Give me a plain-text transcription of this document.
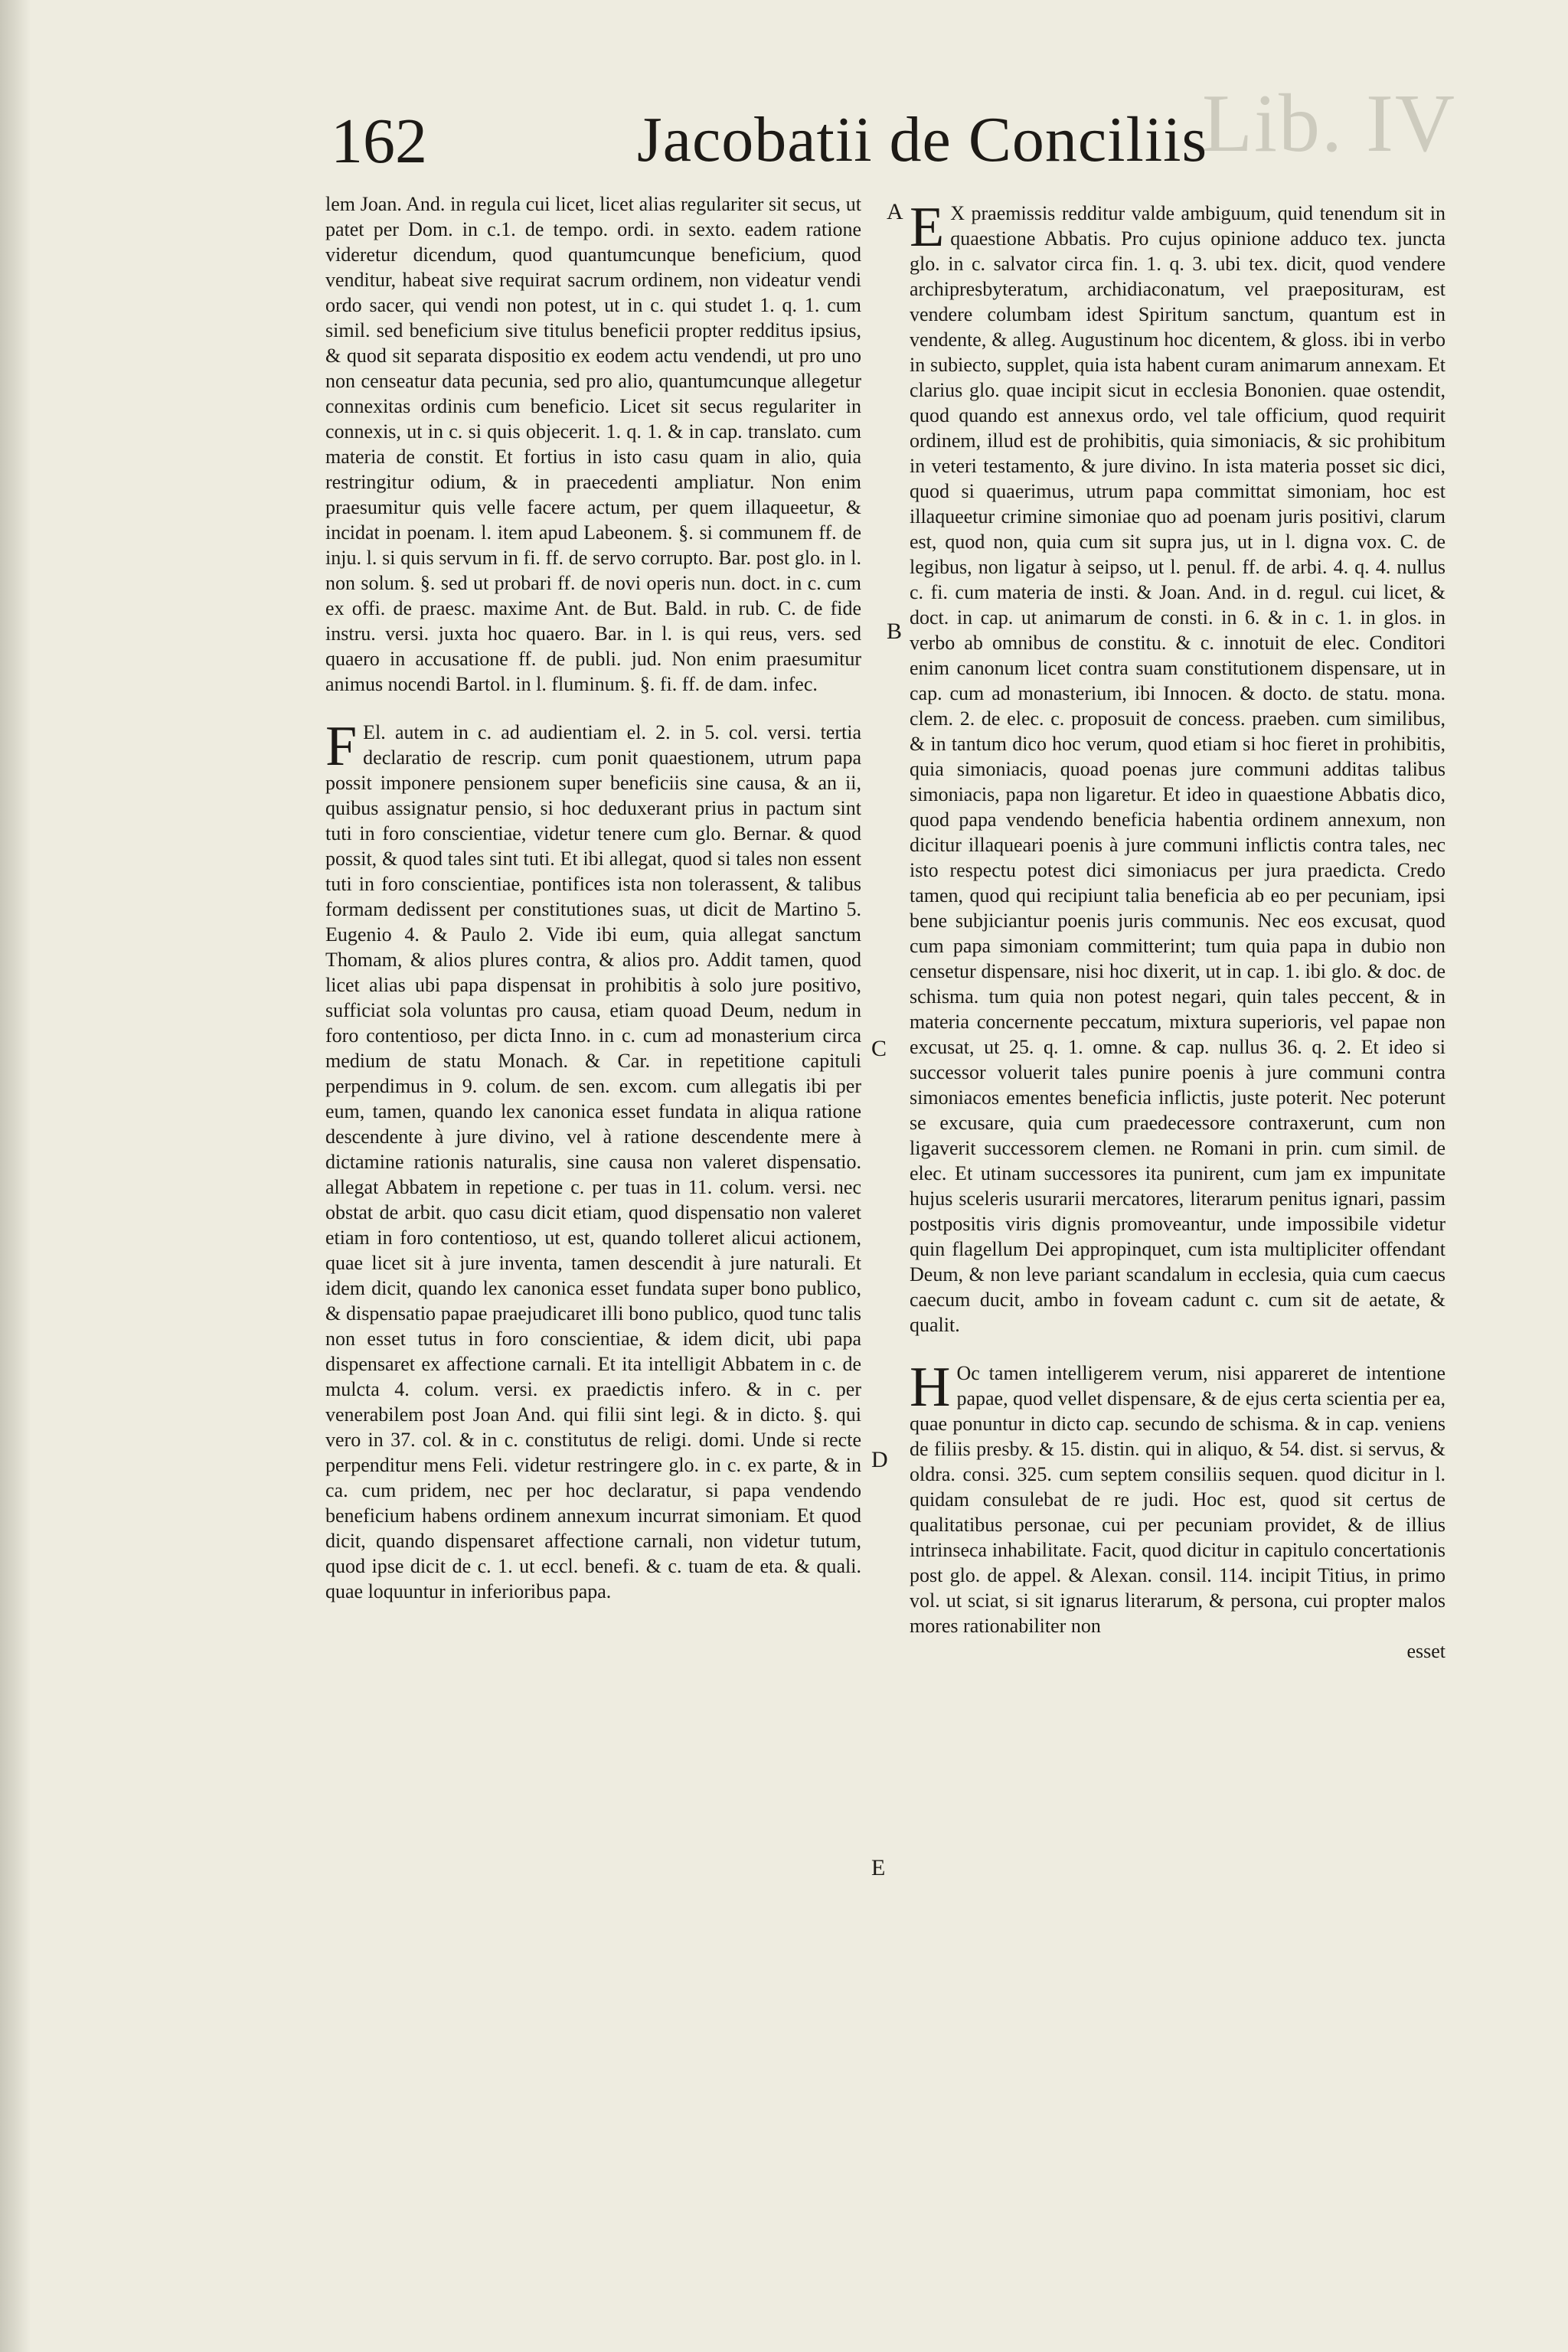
Lib. IV
162	Jacobatii de Conciliis

lem Joan. And. in regula cui licet, licet alias regulariter sit secus, ut patet per Dom. in c.1. de tempo. ordi. in sexto. eadem ratione videretur dicendum, quod quantumcunque beneficium, quod venditur, habeat sive requirat sacrum ordinem, non videatur vendi ordo sacer, qui vendi non potest, ut in c. qui studet 1. q. 1. cum simil. sed beneficium sive titulus beneficii propter redditus ipsius, & quod sit separata dispositio ex eodem actu vendendi, ut pro uno non censeatur data pecunia, sed pro alio, quantumcunque allegetur connexitas ordinis cum beneficio. Licet sit secus regulariter in connexis, ut in c. si quis objecerit. 1. q. 1. & in cap. translato. cum materia de constit. Et fortius in isto casu quam in alio, quia restringitur odium, & in praecedenti ampliatur. Non enim praesumitur quis velle facere actum, per quem illaqueetur, & incidat in poenam. l. item apud Labeonem. §. si communem ff. de inju. l. si quis servum in fi. ff. de servo corrupto. Bar. post glo. in l. non solum. §. sed ut probari ff. de novi operis nun. doct. in c. cum ex offi. de praesc. maxime Ant. de But. Bald. in rub. C. de fide instru. versi. juxta hoc quaero. Bar. in l. is qui reus, vers. sed quaero in accusatione ff. de publi. jud. Non enim praesumitur animus nocendi Bartol. in l. fluminum. §. fi. ff. de dam. infec.

F El. autem in c. ad audientiam el. 2. in 5. col. versi. tertia declaratio de rescrip. cum ponit quaestionem, utrum papa possit imponere pensionem super beneficiis sine causa, & an ii, quibus assignatur pensio, si hoc deduxerant prius in pactum sint tuti in foro conscientiae, videtur tenere cum glo. Bernar. & quod possit, & quod tales sint tuti. Et ibi allegat, quod si tales non essent tuti in foro conscientiae, pontifices ista non tolerassent, & talibus formam dedissent per constitutiones suas, ut dicit de Martino 5. Eugenio 4. & Paulo 2. Vide ibi eum, quia allegat sanctum Thomam, & alios plures contra, & alios pro. Addit tamen, quod licet alias ubi papa dispensat in prohibitis à solo jure positivo, sufficiat sola voluntas pro causa, etiam quoad Deum, nedum in foro contentioso, per dicta Inno. in c. cum ad monasterium circa medium de statu Monach. & Car. in repetitione capituli perpendimus in 9. colum. de sen. excom. cum allegatis ibi per eum, tamen, quando lex canonica esset fundata in aliqua ratione descendente à jure divino, vel à ratione descendente mere à dictamine rationis naturalis, sine causa non valeret dispensatio. allegat Abbatem in repetione c. per tuas in 11. colum. versi. nec obstat de arbit. quo casu dicit etiam, quod dispensatio non valeret etiam in foro contentioso, ut est, quando tolleret alicui actionem, quae licet sit à jure inventa, tamen descendit à jure naturali. Et idem dicit, quando lex canonica esset fundata super bono publico, & dispensatio papae praejudicaret illi bono publico, quod tunc talis non esset tutus in foro conscientiae, & idem dicit, ubi papa dispensaret ex affectione carnali. Et ita intelligit Abbatem in c. de mulcta 4. colum. versi. ex praedictis infero. & in c. per venerabilem post Joan And. qui filii sint legi. & in dicto. §. qui vero in 37. col. & in c. constitutus de religi. domi. Unde si recte perpenditur mens Feli. videtur restringere glo. in c. ex parte, & in ca. cum pridem, nec per hoc declaratur, si papa vendendo beneficium habens ordinem annexum incurrat simoniam. Et quod dicit, quando dispensaret affectione carnali, non videtur tutum, quod ipse dicit de c. 1. ut eccl. benefi. & c. tuam de eta. & quali. quae loquuntur in inferioribus papa.

A
B
C
D
E

E X praemissis redditur valde ambiguum, quid tenendum sit in quaestione Abbatis. Pro cujus opinione adduco tex. juncta glo. in c. salvator circa fin. 1. q. 3. ubi tex. dicit, quod vendere archipresbyteratum, archidiaconatum, vel praepositurам, est vendere columbam idest Spiritum sanctum, quantum est in vendente, & alleg. Augustinum hoc dicentem, & gloss. ibi in verbo in subiecto, supplet, quia ista habent curam animarum annexam. Et clarius glo. quae incipit sicut in ecclesia Bononien. quae ostendit, quod quando est annexus ordo, vel tale officium, quod requirit ordinem, illud est de prohibitis, quia simoniacis, & sic prohibitum in veteri testamento, & jure divino. In ista materia posset sic dici, quod si quaerimus, utrum papa committat simoniam, hoc est illaqueetur crimine simoniae quo ad poenam juris positivi, clarum est, quod non, quia cum sit supra jus, ut in l. digna vox. C. de legibus, non ligatur à seipso, ut l. penul. ff. de arbi. 4. q. 4. nullus c. fi. cum materia de insti. & Joan. And. in d. regul. cui licet, & doct. in cap. ut animarum de consti. in 6. & in c. 1. in glos. in verbo ab omnibus de constitu. & c. innotuit de elec. Conditori enim canonum licet contra suam constitutionem dispensare, ut in cap. cum ad monasterium, ibi Innocen. & docto. de statu. monа. clem. 2. de elec. c. proposuit de concess. praeben. cum similibus, & in tantum dico hoc verum, quod etiam si hoc fieret in prohibitis, quia simoniacis, quoad poenas jure communi additas talibus simoniacis, papa non ligaretur. Et ideo in quaestione Abbatis dico, quod papa vendendo beneficia habentia ordinem annexum, non dicitur illaqueari poenis à jure communi inflictis contra tales, nec isto respectu potest dici simoniacus per jura praedicta. Credo tamen, quod qui recipiunt talia beneficia ab eo per pecuniam, ipsi bene subjiciantur poenis juris communis. Nec eos excusat, quod cum papa simoniam committerint; tum quia papa in dubio non censetur dispensare, nisi hoc dixerit, ut in cap. 1. ibi glo. & doc. de schisma. tum quia non potest negari, quin tales peccent, & in materia concernente peccatum, mixtura superioris, vel papae non excusat, ut 25. q. 1. omne. & cap. nullus 36. q. 2. Et ideo si successor voluerit tales punire poenis à jure communi contra simoniacos ementes beneficia inflictis, juste poterit. Nec poterunt se excusare, quia cum praedecessore contraxerunt, cum non ligaverit successorem clemen. ne Romani in prin. cum simil. de elec. Et utinam successores ita punirent, cum jam ex impunitate hujus sceleris usurarii mercatores, literarum penitus ignari, passim postpositis viris dignis promoveantur, unde impossibile videtur quin flagellum Dei appropinquet, cum ista multipliciter offendant Deum, & non leve pariant scandalum in ecclesia, quia cum caecus caecum ducit, ambo in foveam cadunt c. cum sit de aetate, & qualit.

H Oc tamen intelligerem verum, nisi appareret de intentione papae, quod vellet dispensare, & de ejus certa scientia per ea, quae ponuntur in dicto cap. secundo de schisma. & in cap. veniens de filiis presby. & 15. distin. qui in aliquo, & 54. dist. si servus, & oldra. consi. 325. cum septem consiliis sequen. quod dicitur in l. quidam consulebat de re judi. Hoc est, quod sit certus de qualitatibus personae, cui per pecuniam providet, & de illius intrinseca inhabilitate. Facit, quod dicitur in capitulo concertationis post glo. de appel. & Alexan. consil. 114. incipit Titius, in primo vol. ut sciat, si sit ignarus literarum, & persona, cui propter malos mores rationabiliter non

esset
